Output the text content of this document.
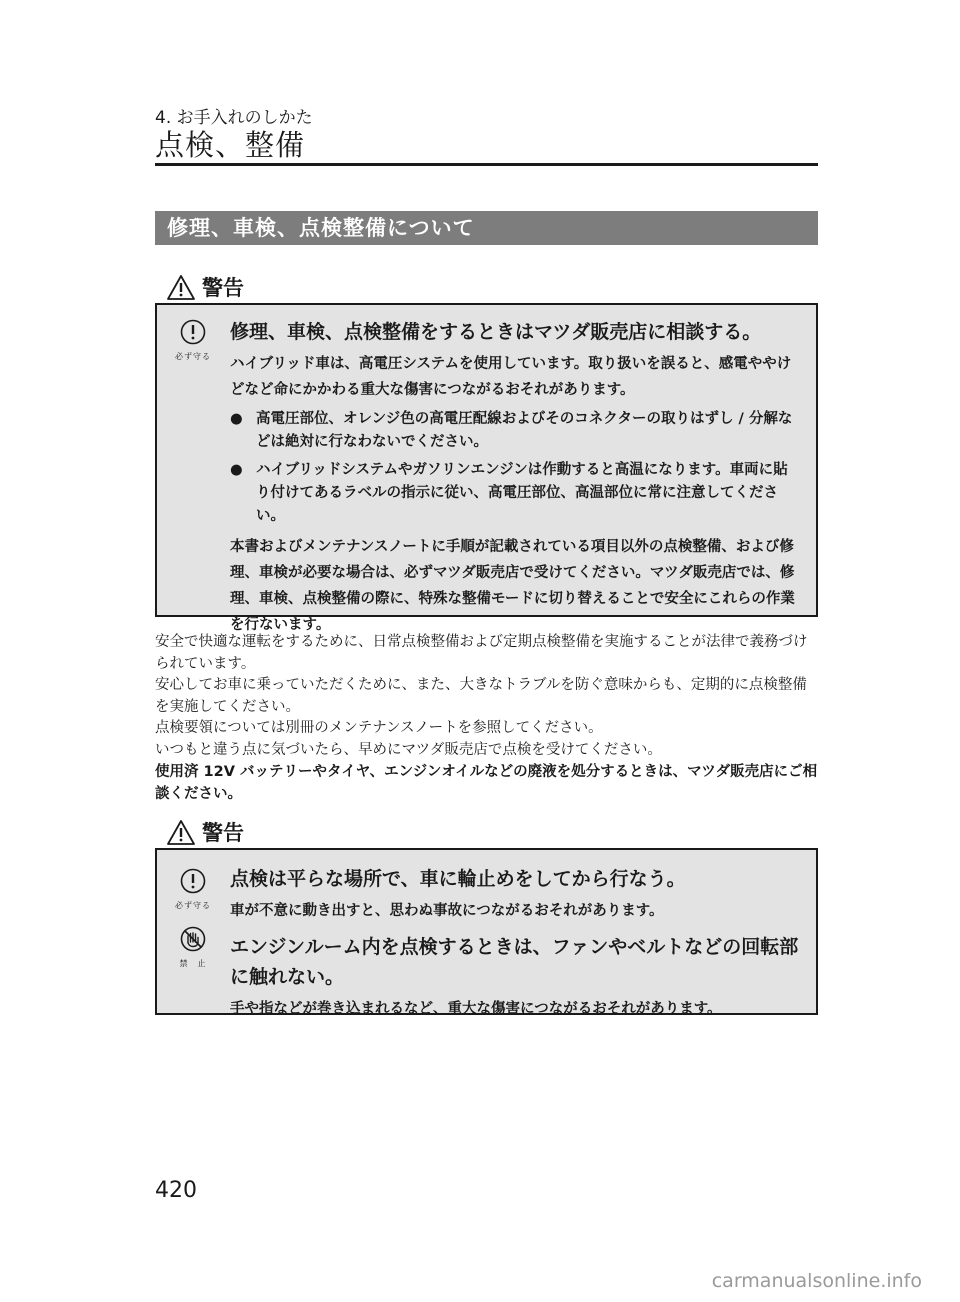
4. お手入れのしかた
点検、整備
修理、車検、点検整備について
警告
必ず守る
修理、車検、点検整備をするときはマツダ販売店に相談する。
ハイブリッド車は、高電圧システムを使用しています。取り扱いを誤ると、感電ややけどなど命にかかわる重大な傷害につながるおそれがあります。
● 高電圧部位、オレンジ色の高電圧配線およびそのコネクターの取りはずし / 分解などは絶対に行なわないでください。
● ハイブリッドシステムやガソリンエンジンは作動すると高温になります。車両に貼り付けてあるラベルの指示に従い、高電圧部位、高温部位に常に注意してください。
本書およびメンテナンスノートに手順が記載されている項目以外の点検整備、および修理、車検が必要な場合は、必ずマツダ販売店で受けてください。マツダ販売店では、修理、車検、点検整備の際に、特殊な整備モードに切り替えることで安全にこれらの作業を行ないます。
安全で快適な運転をするために、日常点検整備および定期点検整備を実施することが法律で義務づけられています。
安心してお車に乗っていただくために、また、大きなトラブルを防ぐ意味からも、定期的に点検整備を実施してください。
点検要領については別冊のメンテナンスノートを参照してください。
いつもと違う点に気づいたら、早めにマツダ販売店で点検を受けてください。
使用済 12V バッテリーやタイヤ、エンジンオイルなどの廃液を処分するときは、マツダ販売店にご相談ください。
警告
必ず守る
禁　止
点検は平らな場所で、車に輪止めをしてから行なう。
車が不意に動き出すと、思わぬ事故につながるおそれがあります。
エンジンルーム内を点検するときは、ファンやベルトなどの回転部に触れない。
手や指などが巻き込まれるなど、重大な傷害につながるおそれがあります。
420
carmanualsonline.info
